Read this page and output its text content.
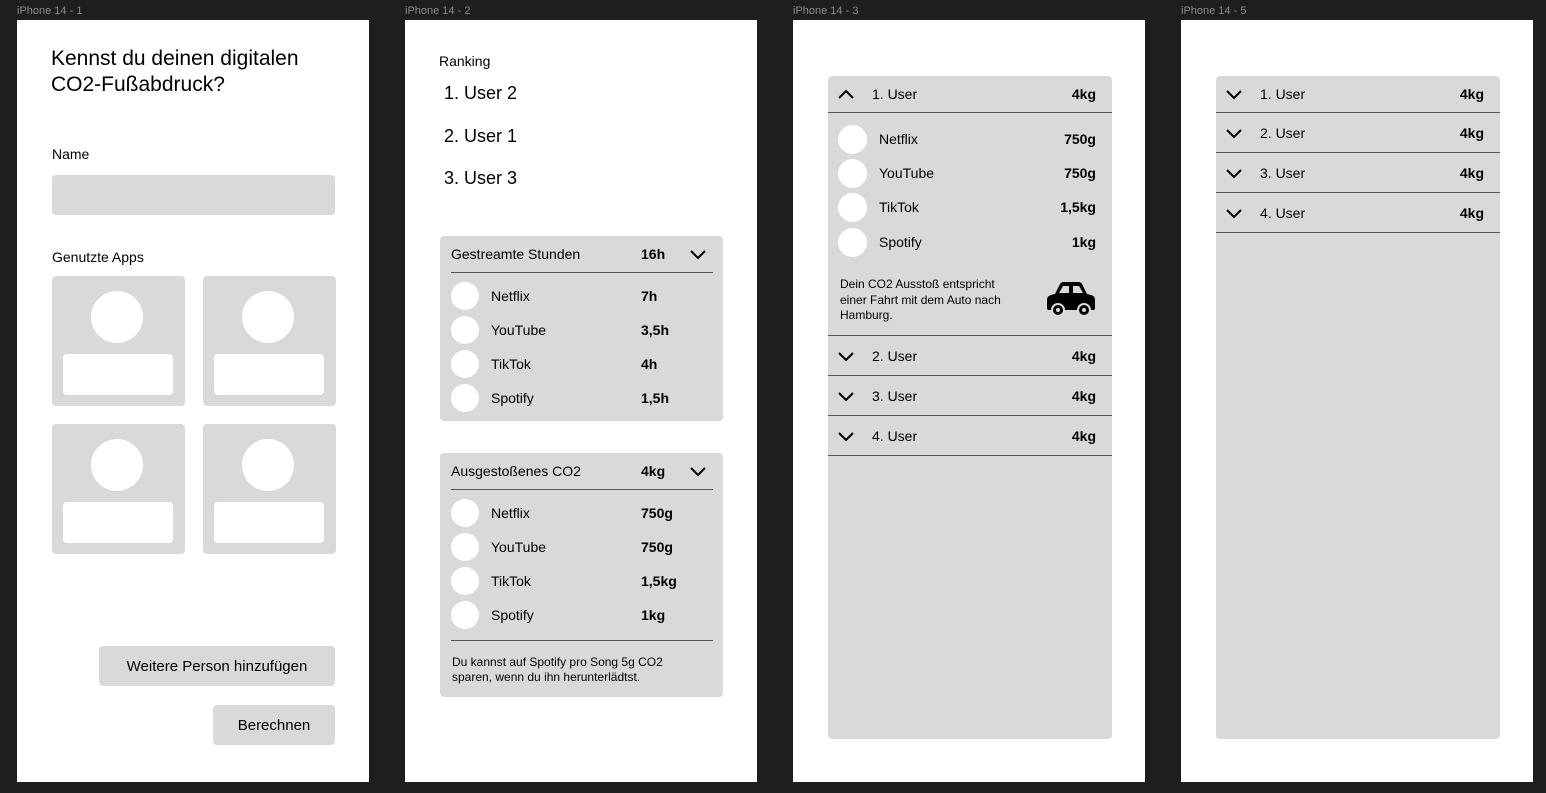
iPhone 14 - 1	iPhone 14 - 2	iPhone 14 - 3	iPhone 14 - 5
Kennst du deinen digitalen
CO2-Fußabdruck?
Name
Genutzte Apps
Weitere Person hinzufügen
Berechnen
Ranking
1. User 2
2. User 1
3. User 3
Gestreamte Stunden	16h
Netflix	7h
YouTube	3,5h
TikTok	4h
Spotify	1,5h
Ausgestoßenes CO2	4kg
Netflix	750g
YouTube	750g
TikTok	1,5kg
Spotify	1kg
Du kannst auf Spotify pro Song 5g CO2
sparen, wenn du ihn herunterlädtst.
1. User	4kg
Netflix	750g
YouTube	750g
TikTok	1,5kg
Spotify	1kg
Dein CO2 Ausstoß entspricht
einer Fahrt mit dem Auto nach
Hamburg.
2. User	4kg
3. User	4kg
4. User	4kg
1. User	4kg
2. User	4kg
3. User	4kg
4. User	4kg
